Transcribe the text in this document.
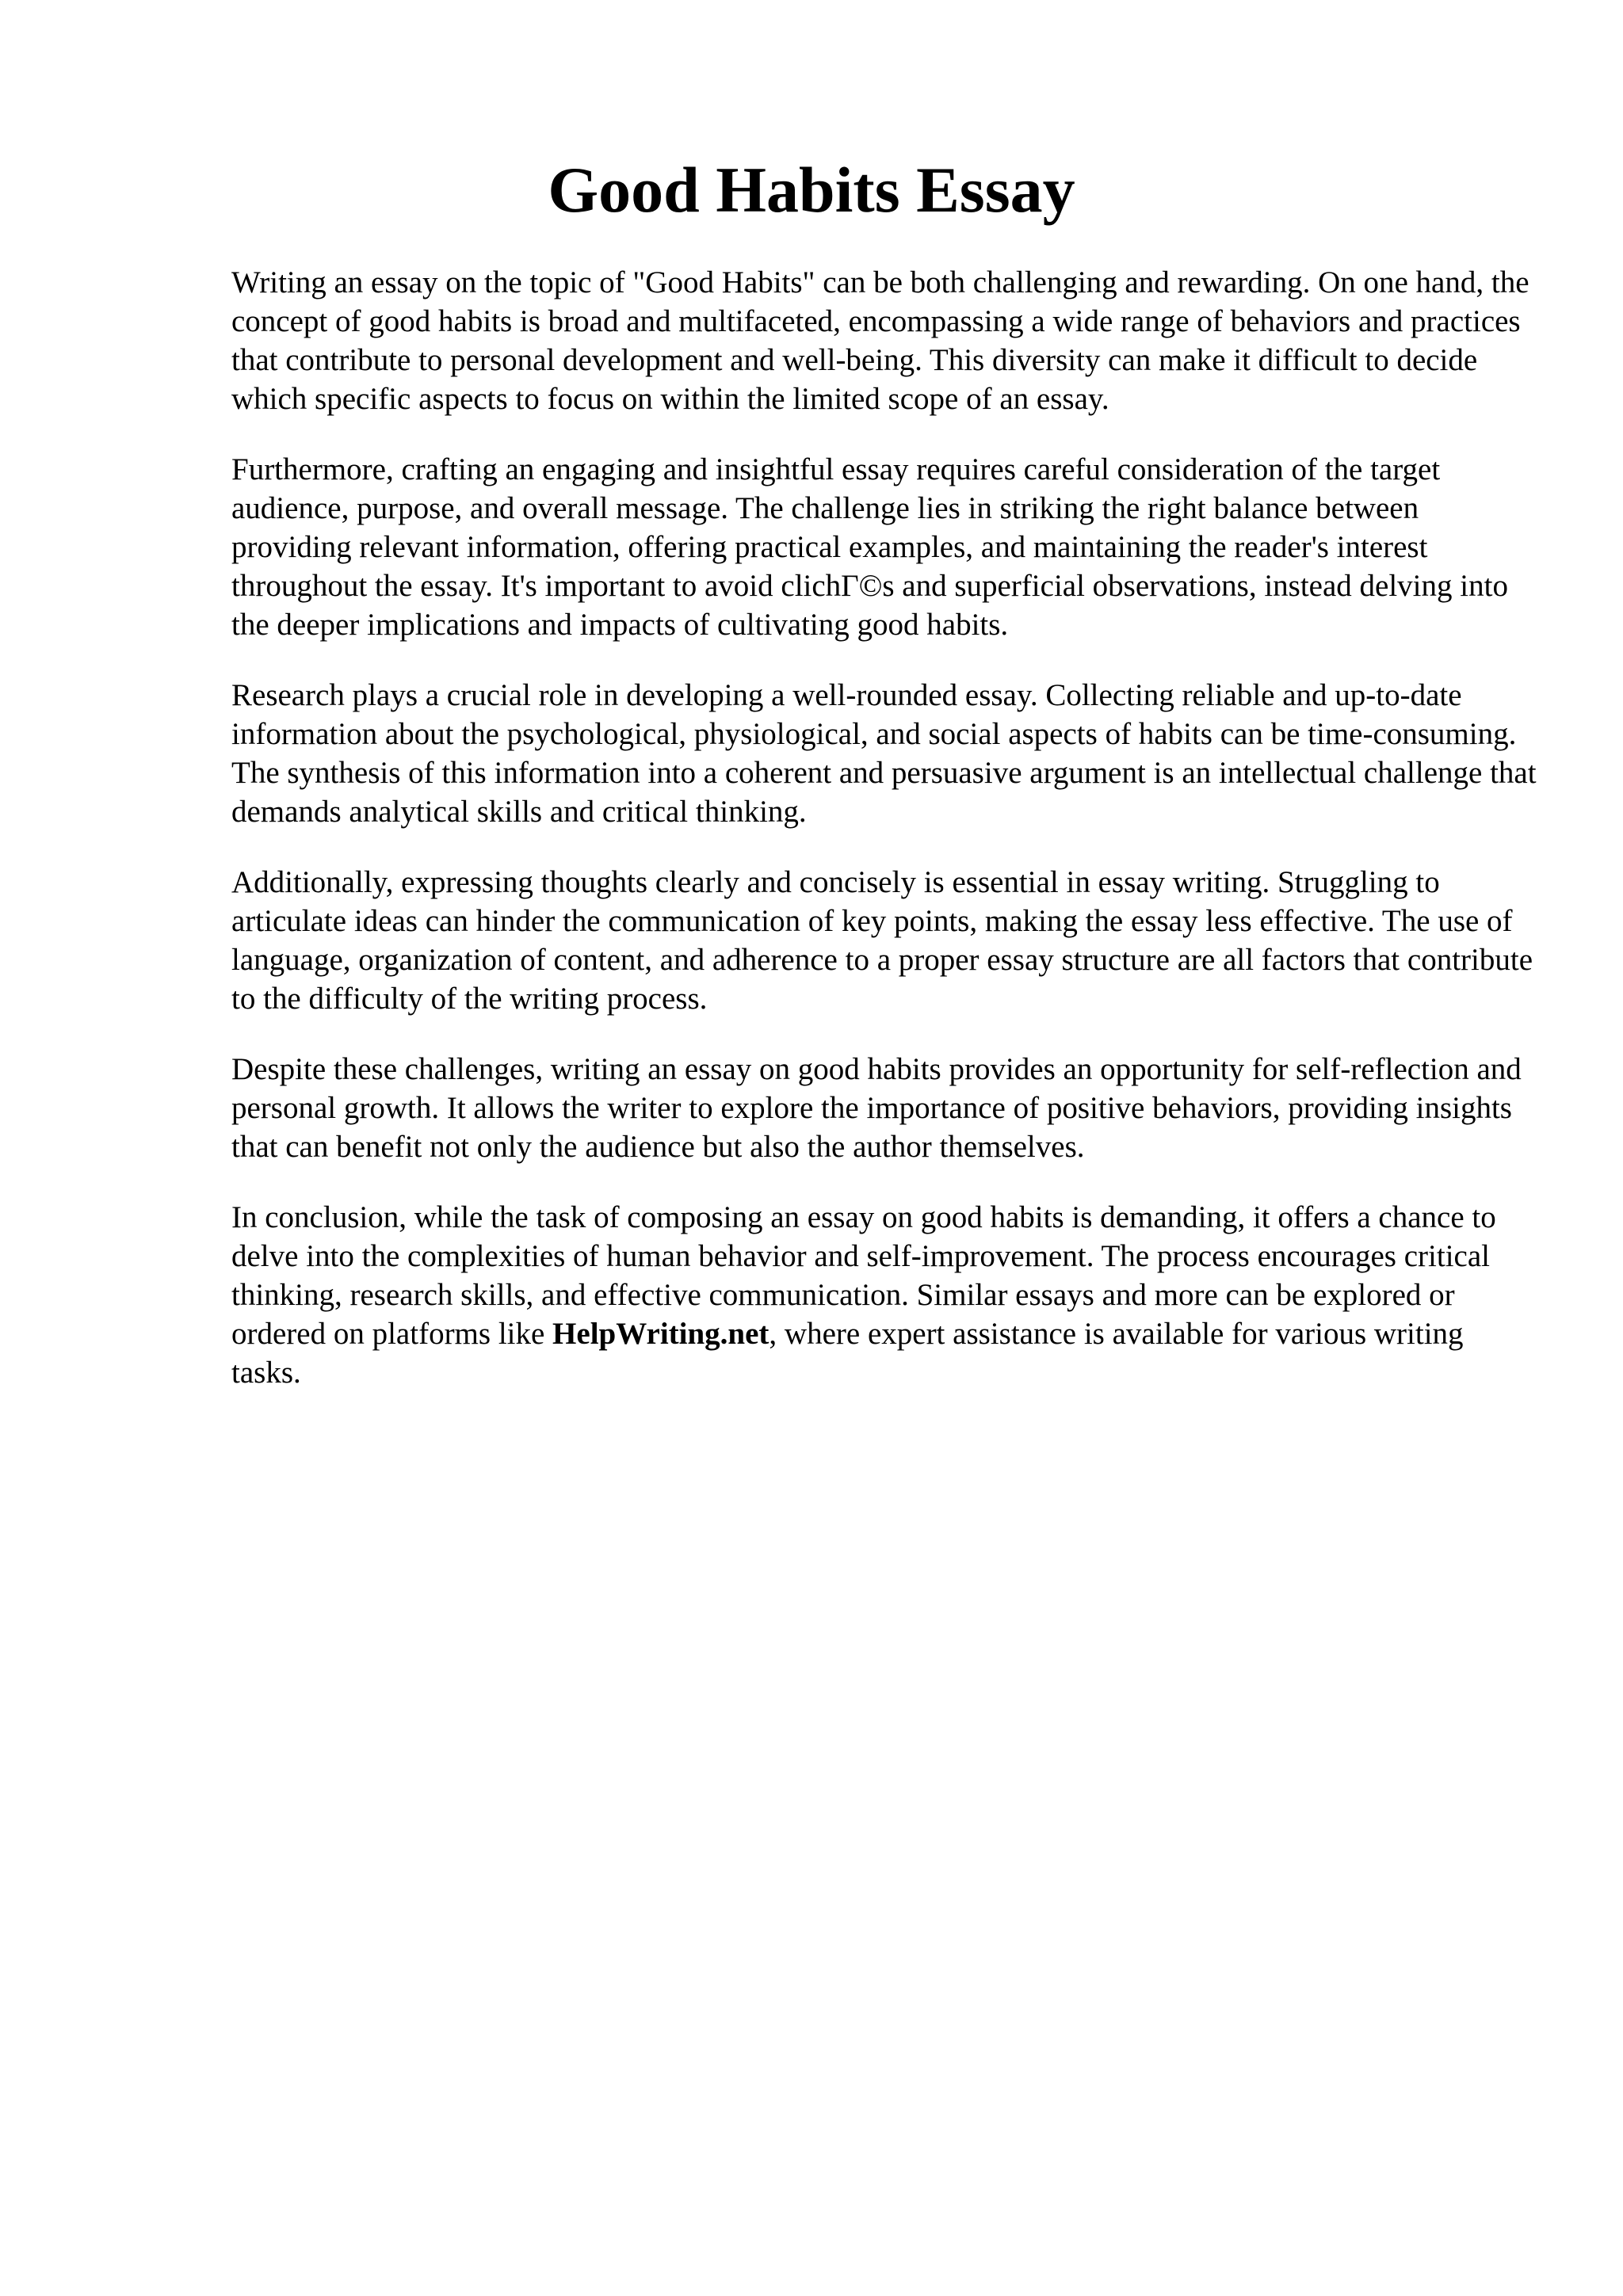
Good Habits Essay

Writing an essay on the topic of "Good Habits" can be both challenging and rewarding. On one hand, the concept of good habits is broad and multifaceted, encompassing a wide range of behaviors and practices that contribute to personal development and well-being. This diversity can make it difficult to decide which specific aspects to focus on within the limited scope of an essay.

Furthermore, crafting an engaging and insightful essay requires careful consideration of the target audience, purpose, and overall message. The challenge lies in striking the right balance between providing relevant information, offering practical examples, and maintaining the reader's interest throughout the essay. It's important to avoid clichΓ©s and superficial observations, instead delving into the deeper implications and impacts of cultivating good habits.

Research plays a crucial role in developing a well-rounded essay. Collecting reliable and up-to-date information about the psychological, physiological, and social aspects of habits can be time-consuming. The synthesis of this information into a coherent and persuasive argument is an intellectual challenge that demands analytical skills and critical thinking.

Additionally, expressing thoughts clearly and concisely is essential in essay writing. Struggling to articulate ideas can hinder the communication of key points, making the essay less effective. The use of language, organization of content, and adherence to a proper essay structure are all factors that contribute to the difficulty of the writing process.

Despite these challenges, writing an essay on good habits provides an opportunity for self-reflection and personal growth. It allows the writer to explore the importance of positive behaviors, providing insights that can benefit not only the audience but also the author themselves.

In conclusion, while the task of composing an essay on good habits is demanding, it offers a chance to delve into the complexities of human behavior and self-improvement. The process encourages critical thinking, research skills, and effective communication. Similar essays and more can be explored or ordered on platforms like HelpWriting.net, where expert assistance is available for various writing tasks.
